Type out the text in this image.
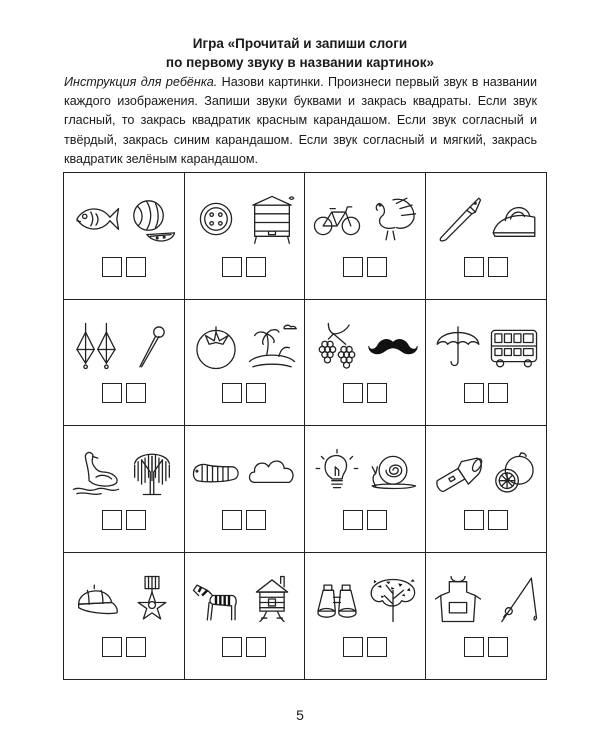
Игра «Прочитай и запиши слоги
по первому звуку в названии картинок»
Инструкция для ребёнка. Назови картинки. Произнеси первый звук в названии каждого изображения. Запиши звуки буквами и закрась квадраты. Если звук гласный, то закрась квадратик красным карандашом. Если звук согласный и твёрдый, закрась синим карандашом. Если звук согласный и мягкий, закрась квадратик зелёным карандашом.
5
